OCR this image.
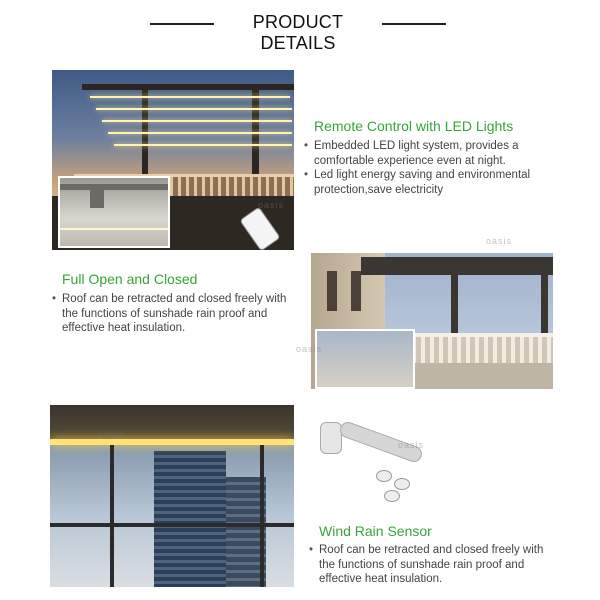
PRODUCT DETAILS
Remote Control with LED Lights
• Embedded LED light system, provides a comfortable experience even at night.
• Led light energy saving and environmental protection,save electricity
Full Open and Closed
• Roof can be retracted and closed freely with the functions of sunshade rain proof and effective heat insulation.
Wind Rain Sensor
• Roof can be retracted and closed freely with the functions of sunshade rain proof and effective heat insulation.
oasis
oasis
oasis
oasis
oasis
